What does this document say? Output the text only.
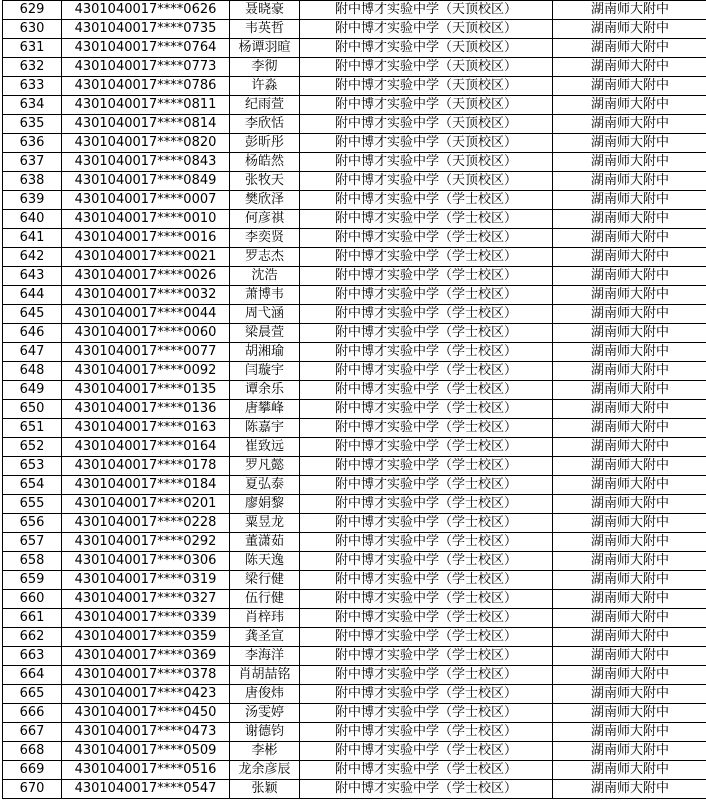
629	4301040017****0626	聂晓豪	附中博才实验中学（天顶校区）	湖南师大附中
630	4301040017****0735	韦英哲	附中博才实验中学（天顶校区）	湖南师大附中
631	4301040017****0764	杨谭羽暄	附中博才实验中学（天顶校区）	湖南师大附中
632	4301040017****0773	李彻	附中博才实验中学（天顶校区）	湖南师大附中
633	4301040017****0786	许淼	附中博才实验中学（天顶校区）	湖南师大附中
634	4301040017****0811	纪雨萱	附中博才实验中学（天顶校区）	湖南师大附中
635	4301040017****0814	李欣恬	附中博才实验中学（天顶校区）	湖南师大附中
636	4301040017****0820	彭昕彤	附中博才实验中学（天顶校区）	湖南师大附中
637	4301040017****0843	杨皓然	附中博才实验中学（天顶校区）	湖南师大附中
638	4301040017****0849	张牧天	附中博才实验中学（天顶校区）	湖南师大附中
639	4301040017****0007	樊欣泽	附中博才实验中学（学士校区）	湖南师大附中
640	4301040017****0010	何彦祺	附中博才实验中学（学士校区）	湖南师大附中
641	4301040017****0016	李奕贤	附中博才实验中学（学士校区）	湖南师大附中
642	4301040017****0021	罗志杰	附中博才实验中学（学士校区）	湖南师大附中
643	4301040017****0026	沈浩	附中博才实验中学（学士校区）	湖南师大附中
644	4301040017****0032	萧博韦	附中博才实验中学（学士校区）	湖南师大附中
645	4301040017****0044	周弋涵	附中博才实验中学（学士校区）	湖南师大附中
646	4301040017****0060	梁晨萱	附中博才实验中学（学士校区）	湖南师大附中
647	4301040017****0077	胡湘瑜	附中博才实验中学（学士校区）	湖南师大附中
648	4301040017****0092	闫璇宇	附中博才实验中学（学士校区）	湖南师大附中
649	4301040017****0135	谭余乐	附中博才实验中学（学士校区）	湖南师大附中
650	4301040017****0136	唐攀峰	附中博才实验中学（学士校区）	湖南师大附中
651	4301040017****0163	陈嘉宇	附中博才实验中学（学士校区）	湖南师大附中
652	4301040017****0164	崔致远	附中博才实验中学（学士校区）	湖南师大附中
653	4301040017****0178	罗凡懿	附中博才实验中学（学士校区）	湖南师大附中
654	4301040017****0184	夏弘泰	附中博才实验中学（学士校区）	湖南师大附中
655	4301040017****0201	廖娟黎	附中博才实验中学（学士校区）	湖南师大附中
656	4301040017****0228	粟昱龙	附中博才实验中学（学士校区）	湖南师大附中
657	4301040017****0292	董潇茹	附中博才实验中学（学士校区）	湖南师大附中
658	4301040017****0306	陈天逸	附中博才实验中学（学士校区）	湖南师大附中
659	4301040017****0319	梁行健	附中博才实验中学（学士校区）	湖南师大附中
660	4301040017****0327	伍行健	附中博才实验中学（学士校区）	湖南师大附中
661	4301040017****0339	肖梓玮	附中博才实验中学（学士校区）	湖南师大附中
662	4301040017****0359	龚圣宣	附中博才实验中学（学士校区）	湖南师大附中
663	4301040017****0369	李海洋	附中博才实验中学（学士校区）	湖南师大附中
664	4301040017****0378	肖胡喆铭	附中博才实验中学（学士校区）	湖南师大附中
665	4301040017****0423	唐俊炜	附中博才实验中学（学士校区）	湖南师大附中
666	4301040017****0450	汤雯婷	附中博才实验中学（学士校区）	湖南师大附中
667	4301040017****0473	谢德钧	附中博才实验中学（学士校区）	湖南师大附中
668	4301040017****0509	李彬	附中博才实验中学（学士校区）	湖南师大附中
669	4301040017****0516	龙余彦辰	附中博才实验中学（学士校区）	湖南师大附中
670	4301040017****0547	张颖	附中博才实验中学（学士校区）	湖南师大附中
